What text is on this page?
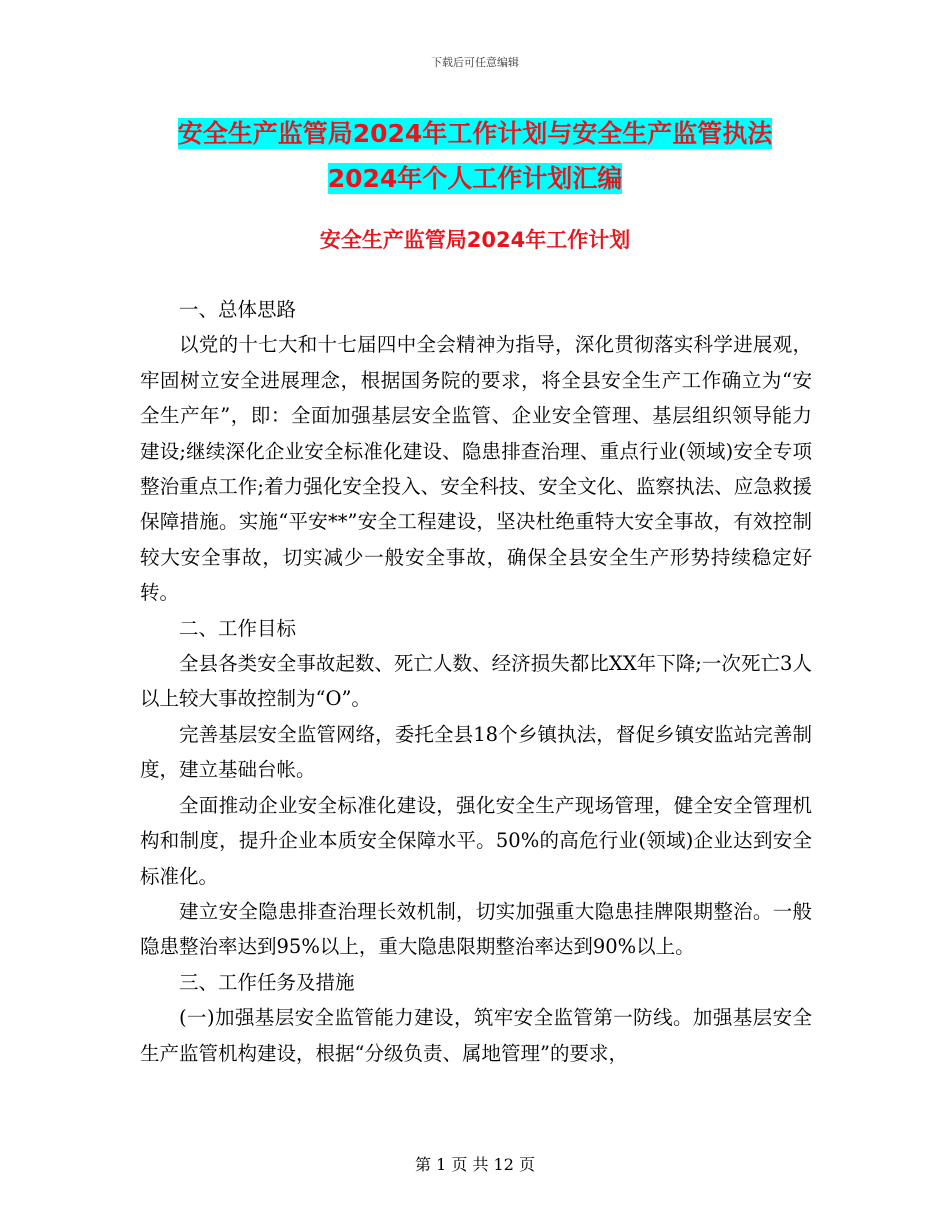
下载后可任意编辑
安全生产监管局2024年工作计划与安全生产监管执法
2024年个人工作计划汇编
安全生产监管局2024年工作计划

一、总体思路

以党的十七大和十七届四中全会精神为指导，深化贯彻落实科学进展观，牢固树立安全进展理念，根据国务院的要求，将全县安全生产工作确立为“安全生产年”，即：全面加强基层安全监管、企业安全管理、基层组织领导能力建设;继续深化企业安全标准化建设、隐患排查治理、重点行业(领域)安全专项整治重点工作;着力强化安全投入、安全科技、安全文化、监察执法、应急救援保障措施。实施“平安**”安全工程建设，坚决杜绝重特大安全事故，有效控制较大安全事故，切实减少一般安全事故，确保全县安全生产形势持续稳定好转。

二、工作目标

全县各类安全事故起数、死亡人数、经济损失都比XX年下降;一次死亡3人以上较大事故控制为“O”。

完善基层安全监管网络，委托全县18个乡镇执法，督促乡镇安监站完善制度，建立基础台帐。

全面推动企业安全标准化建设，强化安全生产现场管理，健全安全管理机构和制度，提升企业本质安全保障水平。50%的高危行业(领域)企业达到安全标准化。

建立安全隐患排查治理长效机制，切实加强重大隐患挂牌限期整治。一般隐患整治率达到95%以上，重大隐患限期整治率达到90%以上。

三、工作任务及措施

(一)加强基层安全监管能力建设，筑牢安全监管第一防线。加强基层安全生产监管机构建设，根据“分级负责、属地管理”的要求，

第 1 页 共 12 页
